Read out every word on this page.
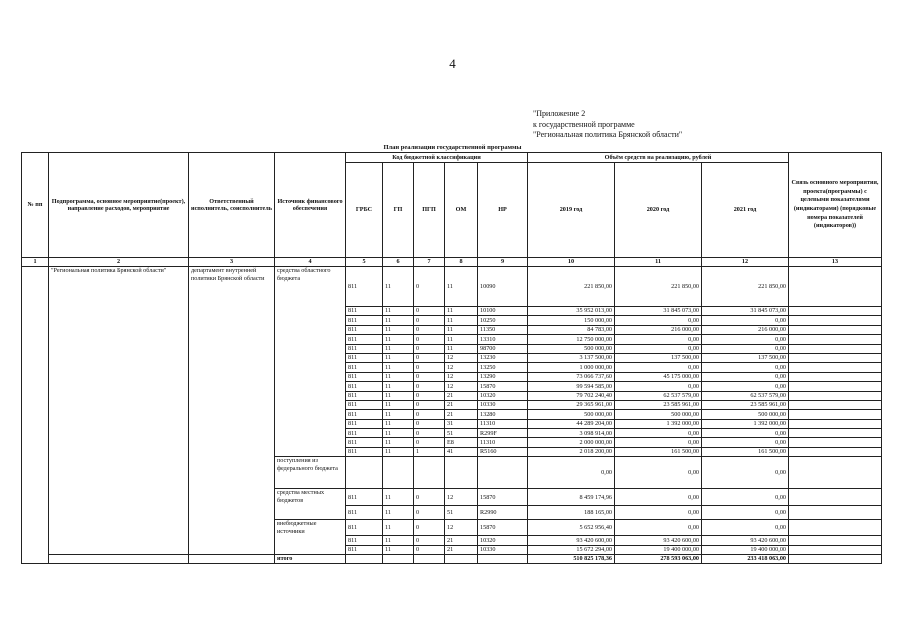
4
"Приложение 2
к государственной программе
"Региональная политика Брянской области"
План реализации государственной программы
№ пп	Подпрограмма, основное мероприятие(проект), направление расходов, мероприятие	Ответственный исполнитель, соисполнитель	Источник финансового обеспечения	Код бюджетной классификации					Объём средств на реализацию, рублей			Связь основного мероприятия, проекта(программы) с целевыми показателями (индикаторами) (порядковые номера показателей (индикаторов))
				ГРБС	ГП	ПГП	ОМ	НР	2019 год	2020 год	2021 год	
1	2	3	4	5	6	7	8	9	10	11	12	13
	"Региональная политика Брянской области"	департамент внутренней политики Брянской области	средства областного бюджета	811	11	0	11	10090	221 850,00	221 850,00	221 850,00	
				811	11	0	11	10100	35 952 013,00	31 845 073,00	31 845 073,00	
				811	11	0	11	10250	150 000,00	0,00	0,00	
				811	11	0	11	11350	84 783,00	216 000,00	216 000,00	
				811	11	0	11	13310	12 750 000,00	0,00	0,00	
				811	11	0	11	98700	500 000,00	0,00	0,00	
				811	11	0	12	13230	3 137 500,00	137 500,00	137 500,00	
				811	11	0	12	13250	1 000 000,00	0,00	0,00	
				811	11	0	12	13290	73 066 737,60	45 175 000,00	0,00	
				811	11	0	12	15870	99 594 585,00	0,00	0,00	
				811	11	0	21	10320	79 702 240,40	62 537 579,00	62 537 579,00	
				811	11	0	21	10330	29 365 961,00	23 585 961,00	23 585 961,00	
				811	11	0	21	13280	500 000,00	500 000,00	500 000,00	
				811	11	0	31	11310	44 289 204,00	1 392 000,00	1 392 000,00	
				811	11	0	51	R299F	3 098 914,00	0,00	0,00	
				811	11	0	E8	11310	2 000 000,00	0,00	0,00	
				811	11	1	41	R5160	2 018 200,00	161 500,00	161 500,00	
			поступления из федерального бюджета						0,00	0,00	0,00	
			средства местных бюджетов	811	11	0	12	15870	8 459 174,96	0,00	0,00	
				811	11	0	51	R2990	188 165,00	0,00	0,00	
			внебюджетные источники	811	11	0	12	15870	5 652 956,40	0,00	0,00	
				811	11	0	21	10320	93 420 600,00	93 420 600,00	93 420 600,00	
				811	11	0	21	10330	15 672 294,00	19 400 000,00	19 400 000,00	
			итого						510 825 178,36	278 593 063,00	233 418 063,00	
